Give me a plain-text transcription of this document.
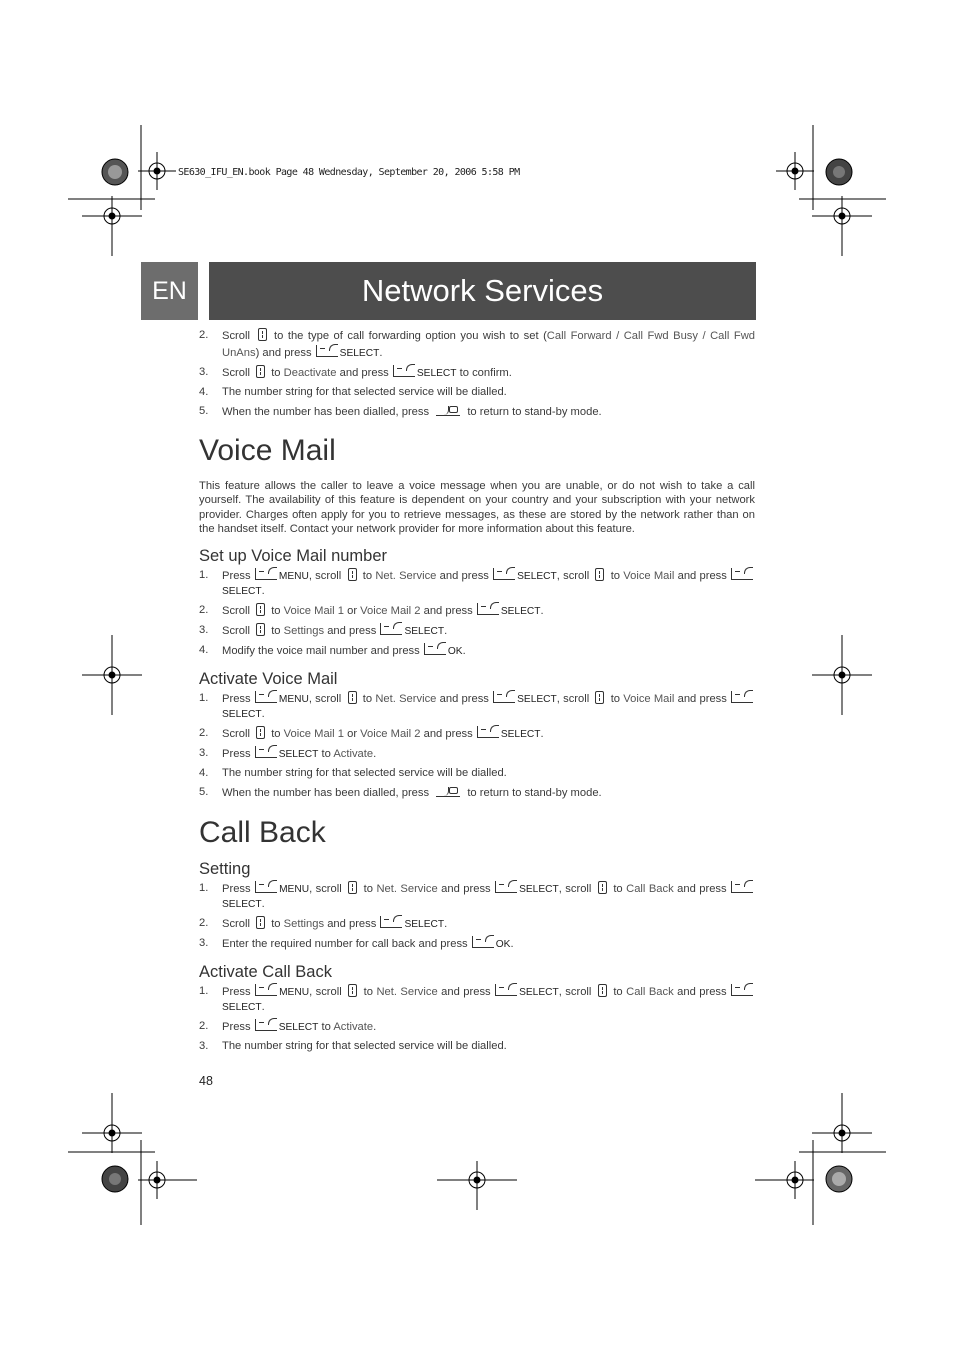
SE630_IFU_EN.book Page 48 Wednesday, September 20, 2006 5:58 PM
EN	Network Services
2. Scroll to the type of call forwarding option you wish to set (Call Forward / Call Fwd Busy / Call Fwd UnAns) and press	SELECT.
3. Scroll to Deactivate and press	SELECT to confirm.
4. The number string for that selected service will be dialled.
5. When the number has been dialled, press	to return to stand-by mode.
Voice Mail

This feature allows the caller to leave a voice message when you are unable, or do not wish to take a call yourself. The availability of this feature is dependent on your country and your subscription with your network provider. Charges often apply for you to retrieve messages, as these are stored by the network rather than on the handset itself. Contact your network provider for more information about this feature.

Set up Voice Mail number
1. Press	MENU, scroll to Net. Service and press	SELECT, scroll to Voice Mail and press SELECT.
2. Scroll to Voice Mail 1 or Voice Mail 2 and press	SELECT.
3. Scroll to Settings and press	SELECT.
4. Modify the voice mail number and press	OK.
Activate Voice Mail
1. Press	MENU, scroll to Net. Service and press	SELECT, scroll to Voice Mail and press SELECT.
2. Scroll to Voice Mail 1 or Voice Mail 2 and press	SELECT.
3. Press	SELECT to Activate.
4. The number string for that selected service will be dialled.
5. When the number has been dialled, press	to return to stand-by mode.
Call Back
Setting
1. Press	MENU, scroll to Net. Service and press	SELECT, scroll to Call Back and press SELECT.
2. Scroll to Settings and press	SELECT.
3. Enter the required number for call back and press	OK.
Activate Call Back
1. Press	MENU, scroll to Net. Service and press	SELECT, scroll to Call Back and press SELECT.
2. Press	SELECT to Activate.
3. The number string for that selected service will be dialled.
48
